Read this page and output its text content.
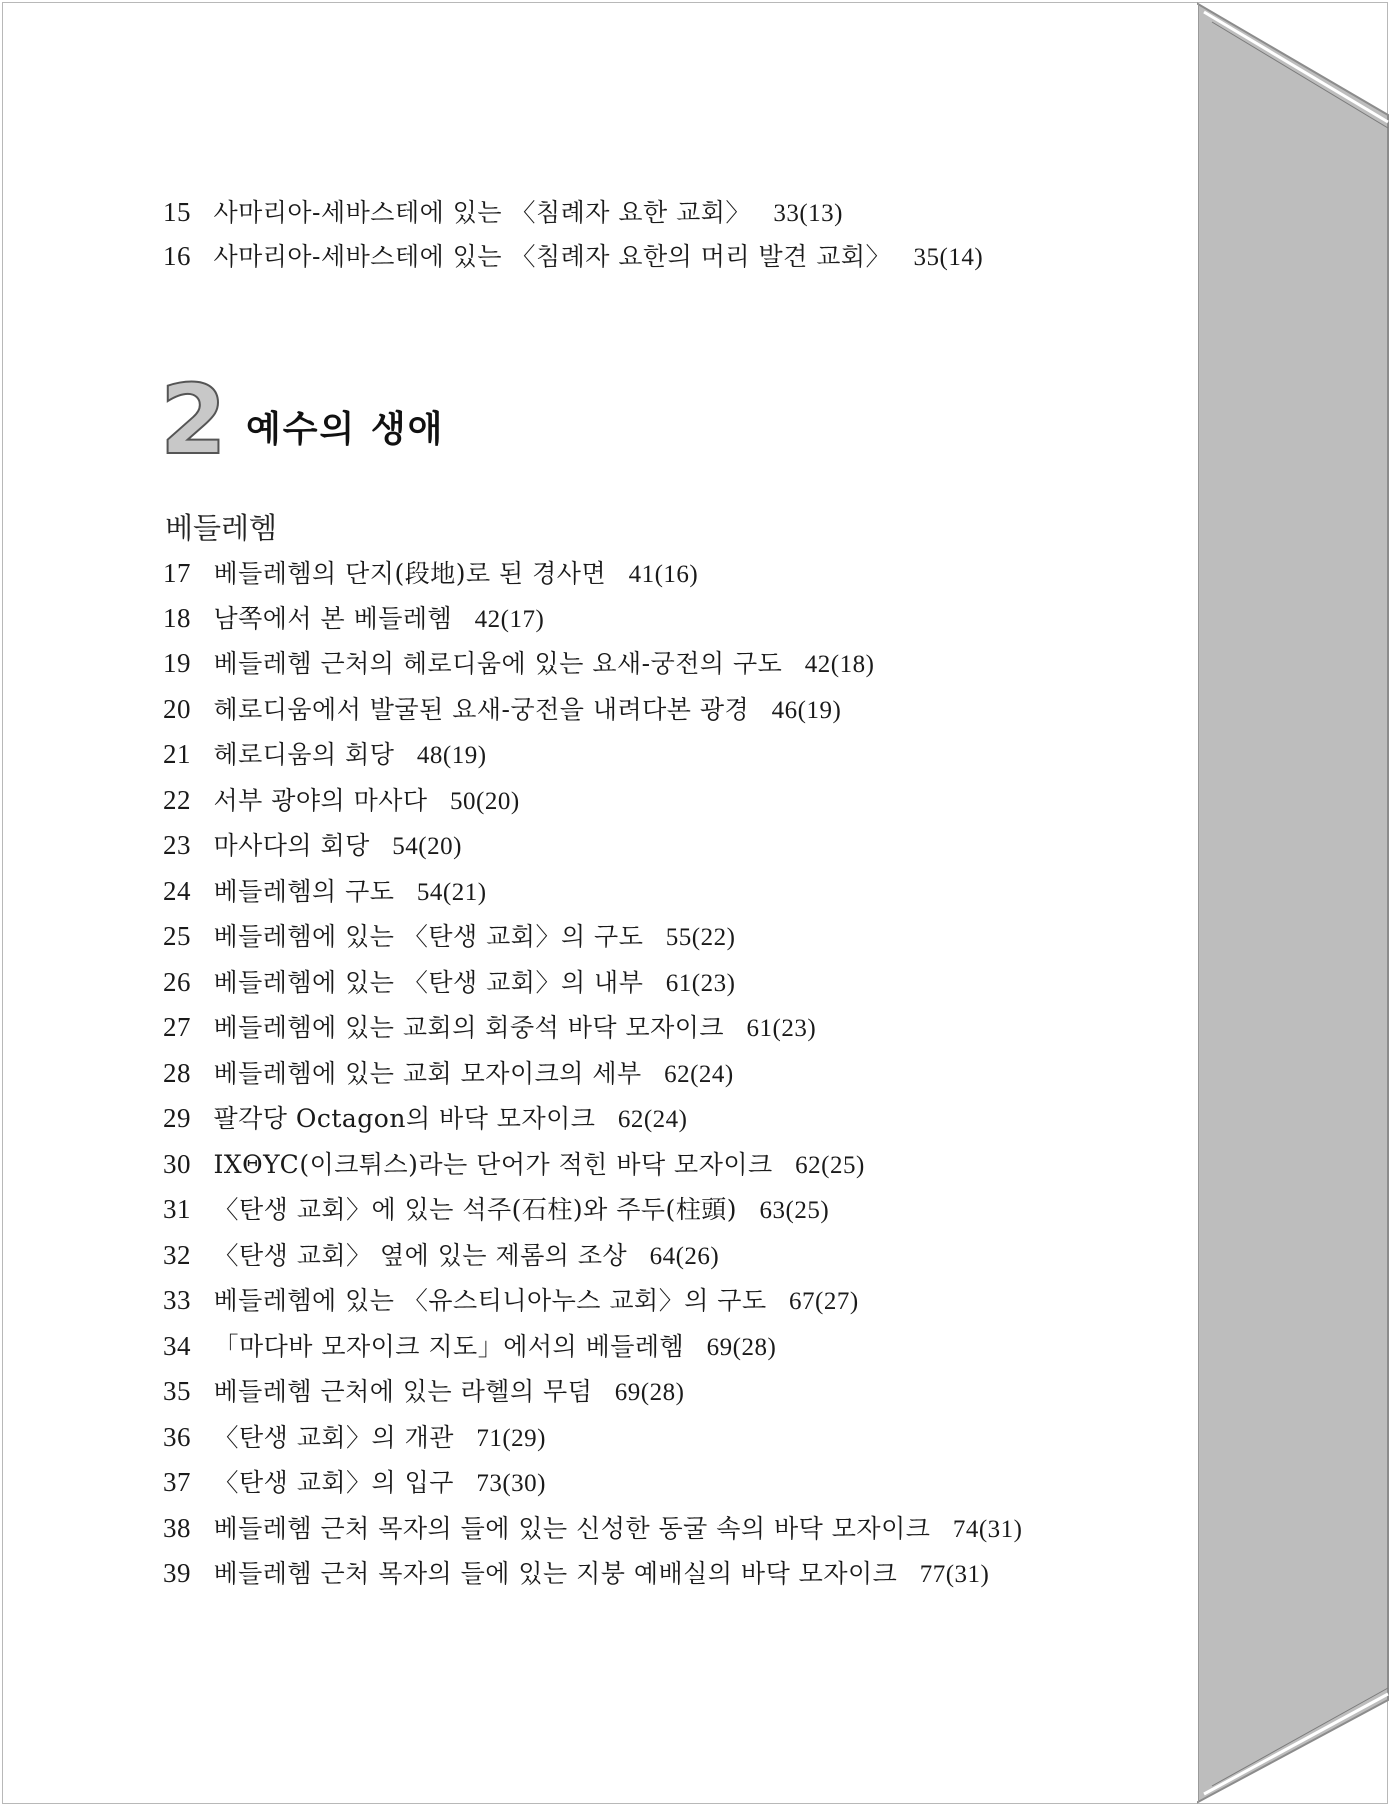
15 사마리아-세바스테에 있는 〈침례자 요한 교회〉 33(13)
16 사마리아-세바스테에 있는 〈침례자 요한의 머리 발견 교회〉 35(14)
2 예수의 생애
베들레헴
17 베들레헴의 단지(段地)로 된 경사면 41(16)
18 남쪽에서 본 베들레헴 42(17)
19 베들레헴 근처의 헤로디움에 있는 요새-궁전의 구도 42(18)
20 헤로디움에서 발굴된 요새-궁전을 내려다본 광경 46(19)
21 헤로디움의 회당 48(19)
22 서부 광야의 마사다 50(20)
23 마사다의 회당 54(20)
24 베들레헴의 구도 54(21)
25 베들레헴에 있는 〈탄생 교회〉의 구도 55(22)
26 베들레헴에 있는 〈탄생 교회〉의 내부 61(23)
27 베들레헴에 있는 교회의 회중석 바닥 모자이크 61(23)
28 베들레헴에 있는 교회 모자이크의 세부 62(24)
29 팔각당 Octagon의 바닥 모자이크 62(24)
30 IXΘYC(이크튀스)라는 단어가 적힌 바닥 모자이크 62(25)
31 〈탄생 교회〉에 있는 석주(石柱)와 주두(柱頭) 63(25)
32 〈탄생 교회〉 옆에 있는 제롬의 조상 64(26)
33 베들레헴에 있는 〈유스티니아누스 교회〉의 구도 67(27)
34 「마다바 모자이크 지도」에서의 베들레헴 69(28)
35 베들레헴 근처에 있는 라헬의 무덤 69(28)
36 〈탄생 교회〉의 개관 71(29)
37 〈탄생 교회〉의 입구 73(30)
38 베들레헴 근처 목자의 들에 있는 신성한 동굴 속의 바닥 모자이크 74(31)
39 베들레헴 근처 목자의 들에 있는 지붕 예배실의 바닥 모자이크 77(31)
